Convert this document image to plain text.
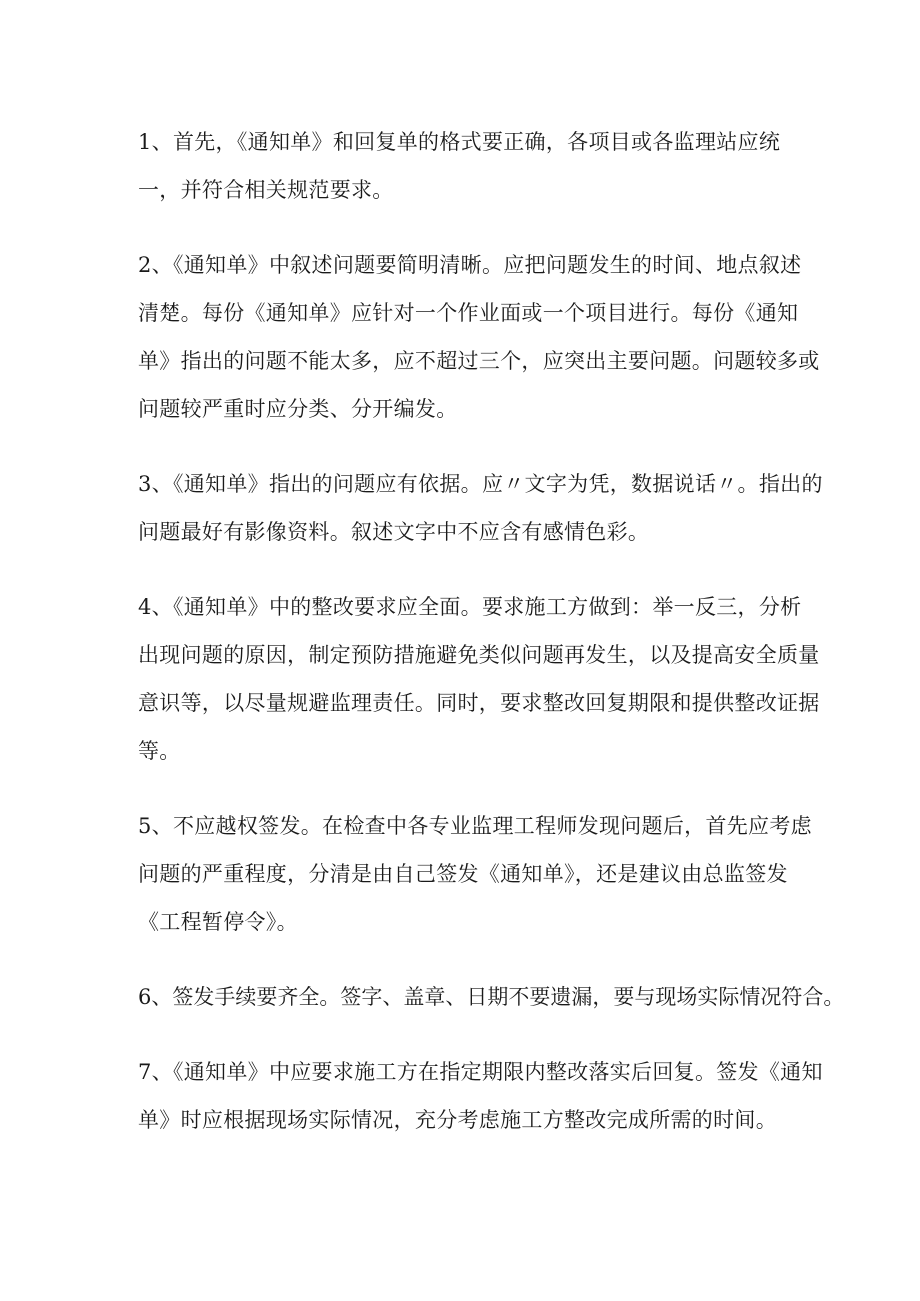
1、首先，《通知单》和回复单的格式要正确，各项目或各监理站应统
一，并符合相关规范要求。
2、《通知单》中叙述问题要简明清晰。应把问题发生的时间、地点叙述
清楚。每份《通知单》应针对一个作业面或一个项目进行。每份《通知
单》指出的问题不能太多，应不超过三个，应突出主要问题。问题较多或
问题较严重时应分类、分开编发。
3、《通知单》指出的问题应有依据。应〃文字为凭，数据说话〃。指出的
问题最好有影像资料。叙述文字中不应含有感情色彩。
4、《通知单》中的整改要求应全面。要求施工方做到：举一反三，分析
出现问题的原因，制定预防措施避免类似问题再发生，以及提高安全质量
意识等，以尽量规避监理责任。同时，要求整改回复期限和提供整改证据
等。
5、不应越权签发。在检查中各专业监理工程师发现问题后，首先应考虑
问题的严重程度，分清是由自己签发《通知单》，还是建议由总监签发
《工程暂停令》。
6、签发手续要齐全。签字、盖章、日期不要遗漏，要与现场实际情况符合。
7、《通知单》中应要求施工方在指定期限内整改落实后回复。签发《通知
单》时应根据现场实际情况，充分考虑施工方整改完成所需的时间。
